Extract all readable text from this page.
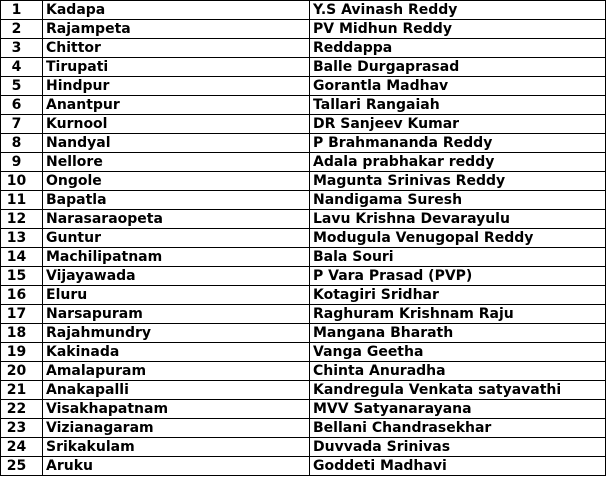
1	Kadapa	Y.S Avinash Reddy
2	Rajampeta	PV Midhun Reddy
3	Chittor	Reddappa
4	Tirupati	Balle Durgaprasad
5	Hindpur	Gorantla Madhav
6	Anantpur	Tallari Rangaiah
7	Kurnool	DR Sanjeev Kumar
8	Nandyal	P Brahmananda Reddy
9	Nellore	Adala prabhakar reddy
10	Ongole	Magunta Srinivas Reddy
11	Bapatla	Nandigama Suresh
12	Narasaraopeta	Lavu Krishna Devarayulu
13	Guntur	Modugula Venugopal Reddy
14	Machilipatnam	Bala Souri
15	Vijayawada	P Vara Prasad (PVP)
16	Eluru	Kotagiri Sridhar
17	Narsapuram	Raghuram Krishnam Raju
18	Rajahmundry	Mangana Bharath
19	Kakinada	Vanga Geetha
20	Amalapuram	Chinta Anuradha
21	Anakapalli	Kandregula Venkata satyavathi
22	Visakhapatnam	MVV Satyanarayana
23	Vizianagaram	Bellani Chandrasekhar
24	Srikakulam	Duvvada Srinivas
25	Aruku	Goddeti Madhavi
